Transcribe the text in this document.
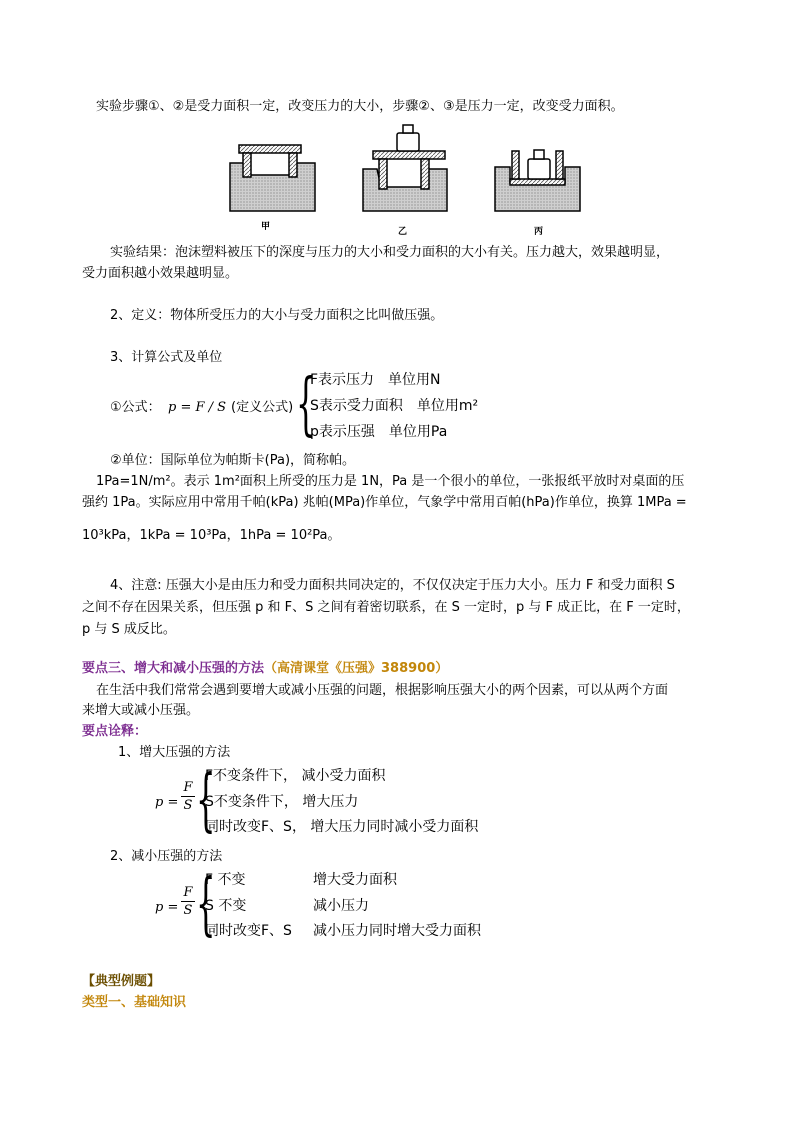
实验步骤①、②是受力面积一定，改变压力的大小，步骤②、③是压力一定，改变受力面积。
甲	乙	丙
实验结果：泡沫塑料被压下的深度与压力的大小和受力面积的大小有关。压力越大，效果越明显，
受力面积越小效果越明显。
2、定义：物体所受压力的大小与受力面积之比叫做压强。
3、计算公式及单位
①公式： p = F / S (定义公式) {
F表示压力　单位用N
S表示受力面积　单位用m²
p表示压强　单位用Pa
②单位：国际单位为帕斯卡(Pa)，简称帕。
1Pa=1N/m²。表示 1m²面积上所受的压力是 1N，Pa 是一个很小的单位，一张报纸平放时对桌面的压
强约 1Pa。实际应用中常用千帕(kPa) 兆帕(MPa)作单位，气象学中常用百帕(hPa)作单位，换算 1MPa =
10³kPa，1kPa = 10³Pa，1hPa = 10²Pa。
4、注意: 压强大小是由压力和受力面积共同决定的，不仅仅决定于压力大小。压力 F 和受力面积 S
之间不存在因果关系，但压强 p 和 F、S 之间有着密切联系，在 S 一定时，p 与 F 成正比，在 F 一定时，
p 与 S 成反比。
要点三、增大和减小压强的方法（高清课堂《压强》388900）
在生活中我们常常会遇到要增大或减小压强的问题，根据影响压强大小的两个因素，可以从两个方面
来增大或减小压强。
要点诠释：
1、增大压强的方法
p =
F
S {
F不变条件下， 减小受力面积
S不变条件下， 增大压力
同时改变F、S， 增大压力同时减小受力面积
2、减小压强的方法
p =
F
S {
F 不变	增大受力面积
S 不变	减小压力
同时改变F、S 减小压力同时增大受力面积
【典型例题】
类型一、基础知识
